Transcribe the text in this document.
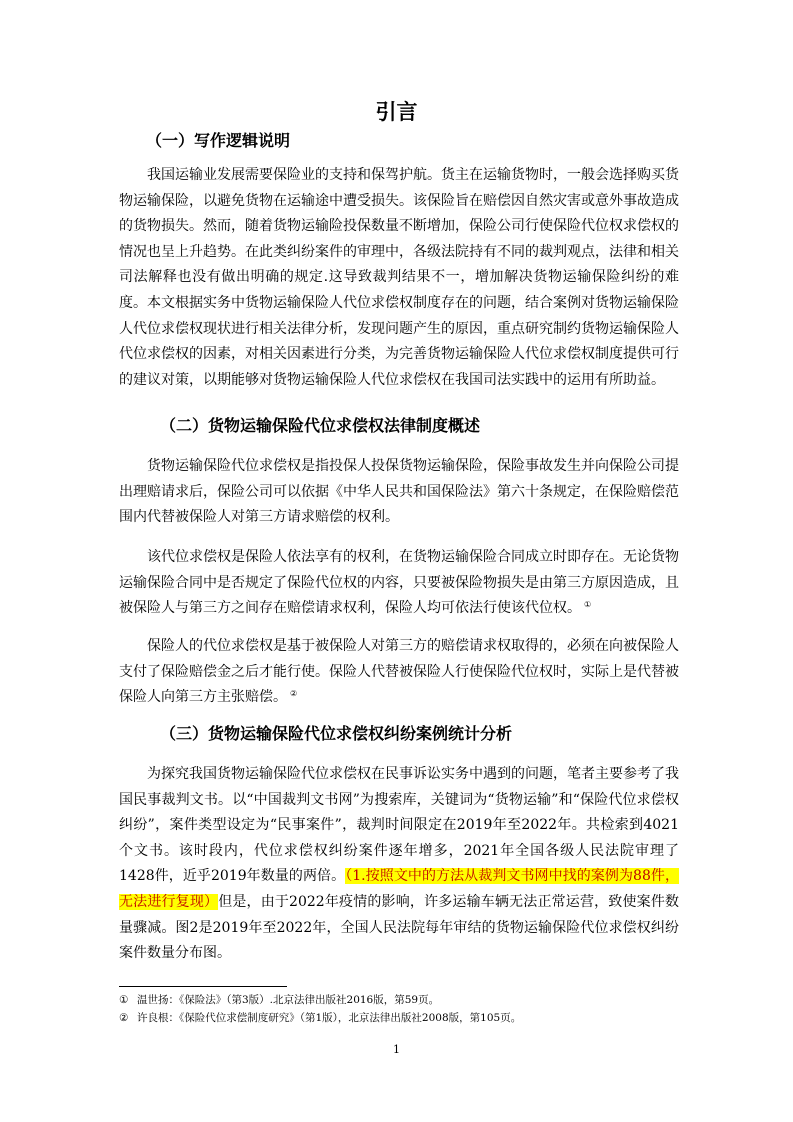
引言
（一）写作逻辑说明

我国运输业发展需要保险业的支持和保驾护航。货主在运输货物时，一般会选择购买货物运输保险，以避免货物在运输途中遭受损失。该保险旨在赔偿因自然灾害或意外事故造成的货物损失。然而，随着货物运输险投保数量不断增加，保险公司行使保险代位权求偿权的情况也呈上升趋势。在此类纠纷案件的审理中，各级法院持有不同的裁判观点，法律和相关司法解释也没有做出明确的规定.这导致裁判结果不一，增加解决货物运输保险纠纷的难度。本文根据实务中货物运输保险人代位求偿权制度存在的问题，结合案例对货物运输保险人代位求偿权现状进行相关法律分析，发现问题产生的原因，重点研究制约货物运输保险人代位求偿权的因素，对相关因素进行分类，为完善货物运输保险人代位求偿权制度提供可行的建议对策，以期能够对货物运输保险人代位求偿权在我国司法实践中的运用有所助益。

（二）货物运输保险代位求偿权法律制度概述

货物运输保险代位求偿权是指投保人投保货物运输保险，保险事故发生并向保险公司提出理赔请求后，保险公司可以依据《中华人民共和国保险法》第六十条规定，在保险赔偿范围内代替被保险人对第三方请求赔偿的权利。

该代位求偿权是保险人依法享有的权利，在货物运输保险合同成立时即存在。无论货物运输保险合同中是否规定了保险代位权的内容，只要被保险物损失是由第三方原因造成，且被保险人与第三方之间存在赔偿请求权利，保险人均可依法行使该代位权。 ①

保险人的代位求偿权是基于被保险人对第三方的赔偿请求权取得的，必须在向被保险人支付了保险赔偿金之后才能行使。保险人代替被保险人行使保险代位权时，实际上是代替被保险人向第三方主张赔偿。 ②

（三）货物运输保险代位求偿权纠纷案例统计分析

为探究我国货物运输保险代位求偿权在民事诉讼实务中遇到的问题，笔者主要参考了我国民事裁判文书。以“中国裁判文书网”为搜索库，关键词为“货物运输”和“保险代位求偿权纠纷”，案件类型设定为“民事案件”，裁判时间限定在2019年至2022年。共检索到4021个文书。该时段内，代位求偿权纠纷案件逐年增多，2021年全国各级人民法院审理了1428件，近乎2019年数量的两倍。（1.按照文中的方法从裁判文书网中找的案例为88件，无法进行复现）但是，由于2022年疫情的影响，许多运输车辆无法正常运营，致使案件数量骤减。图2是2019年至2022年，全国人民法院每年审结的货物运输保险代位求偿权纠纷案件数量分布图。

① 温世扬：《保险法》（第3版）.北京法律出版社2016版，第59页。
② 许良根：《保险代位求偿制度研究》（第1版），北京法律出版社2008版，第105页。
1
